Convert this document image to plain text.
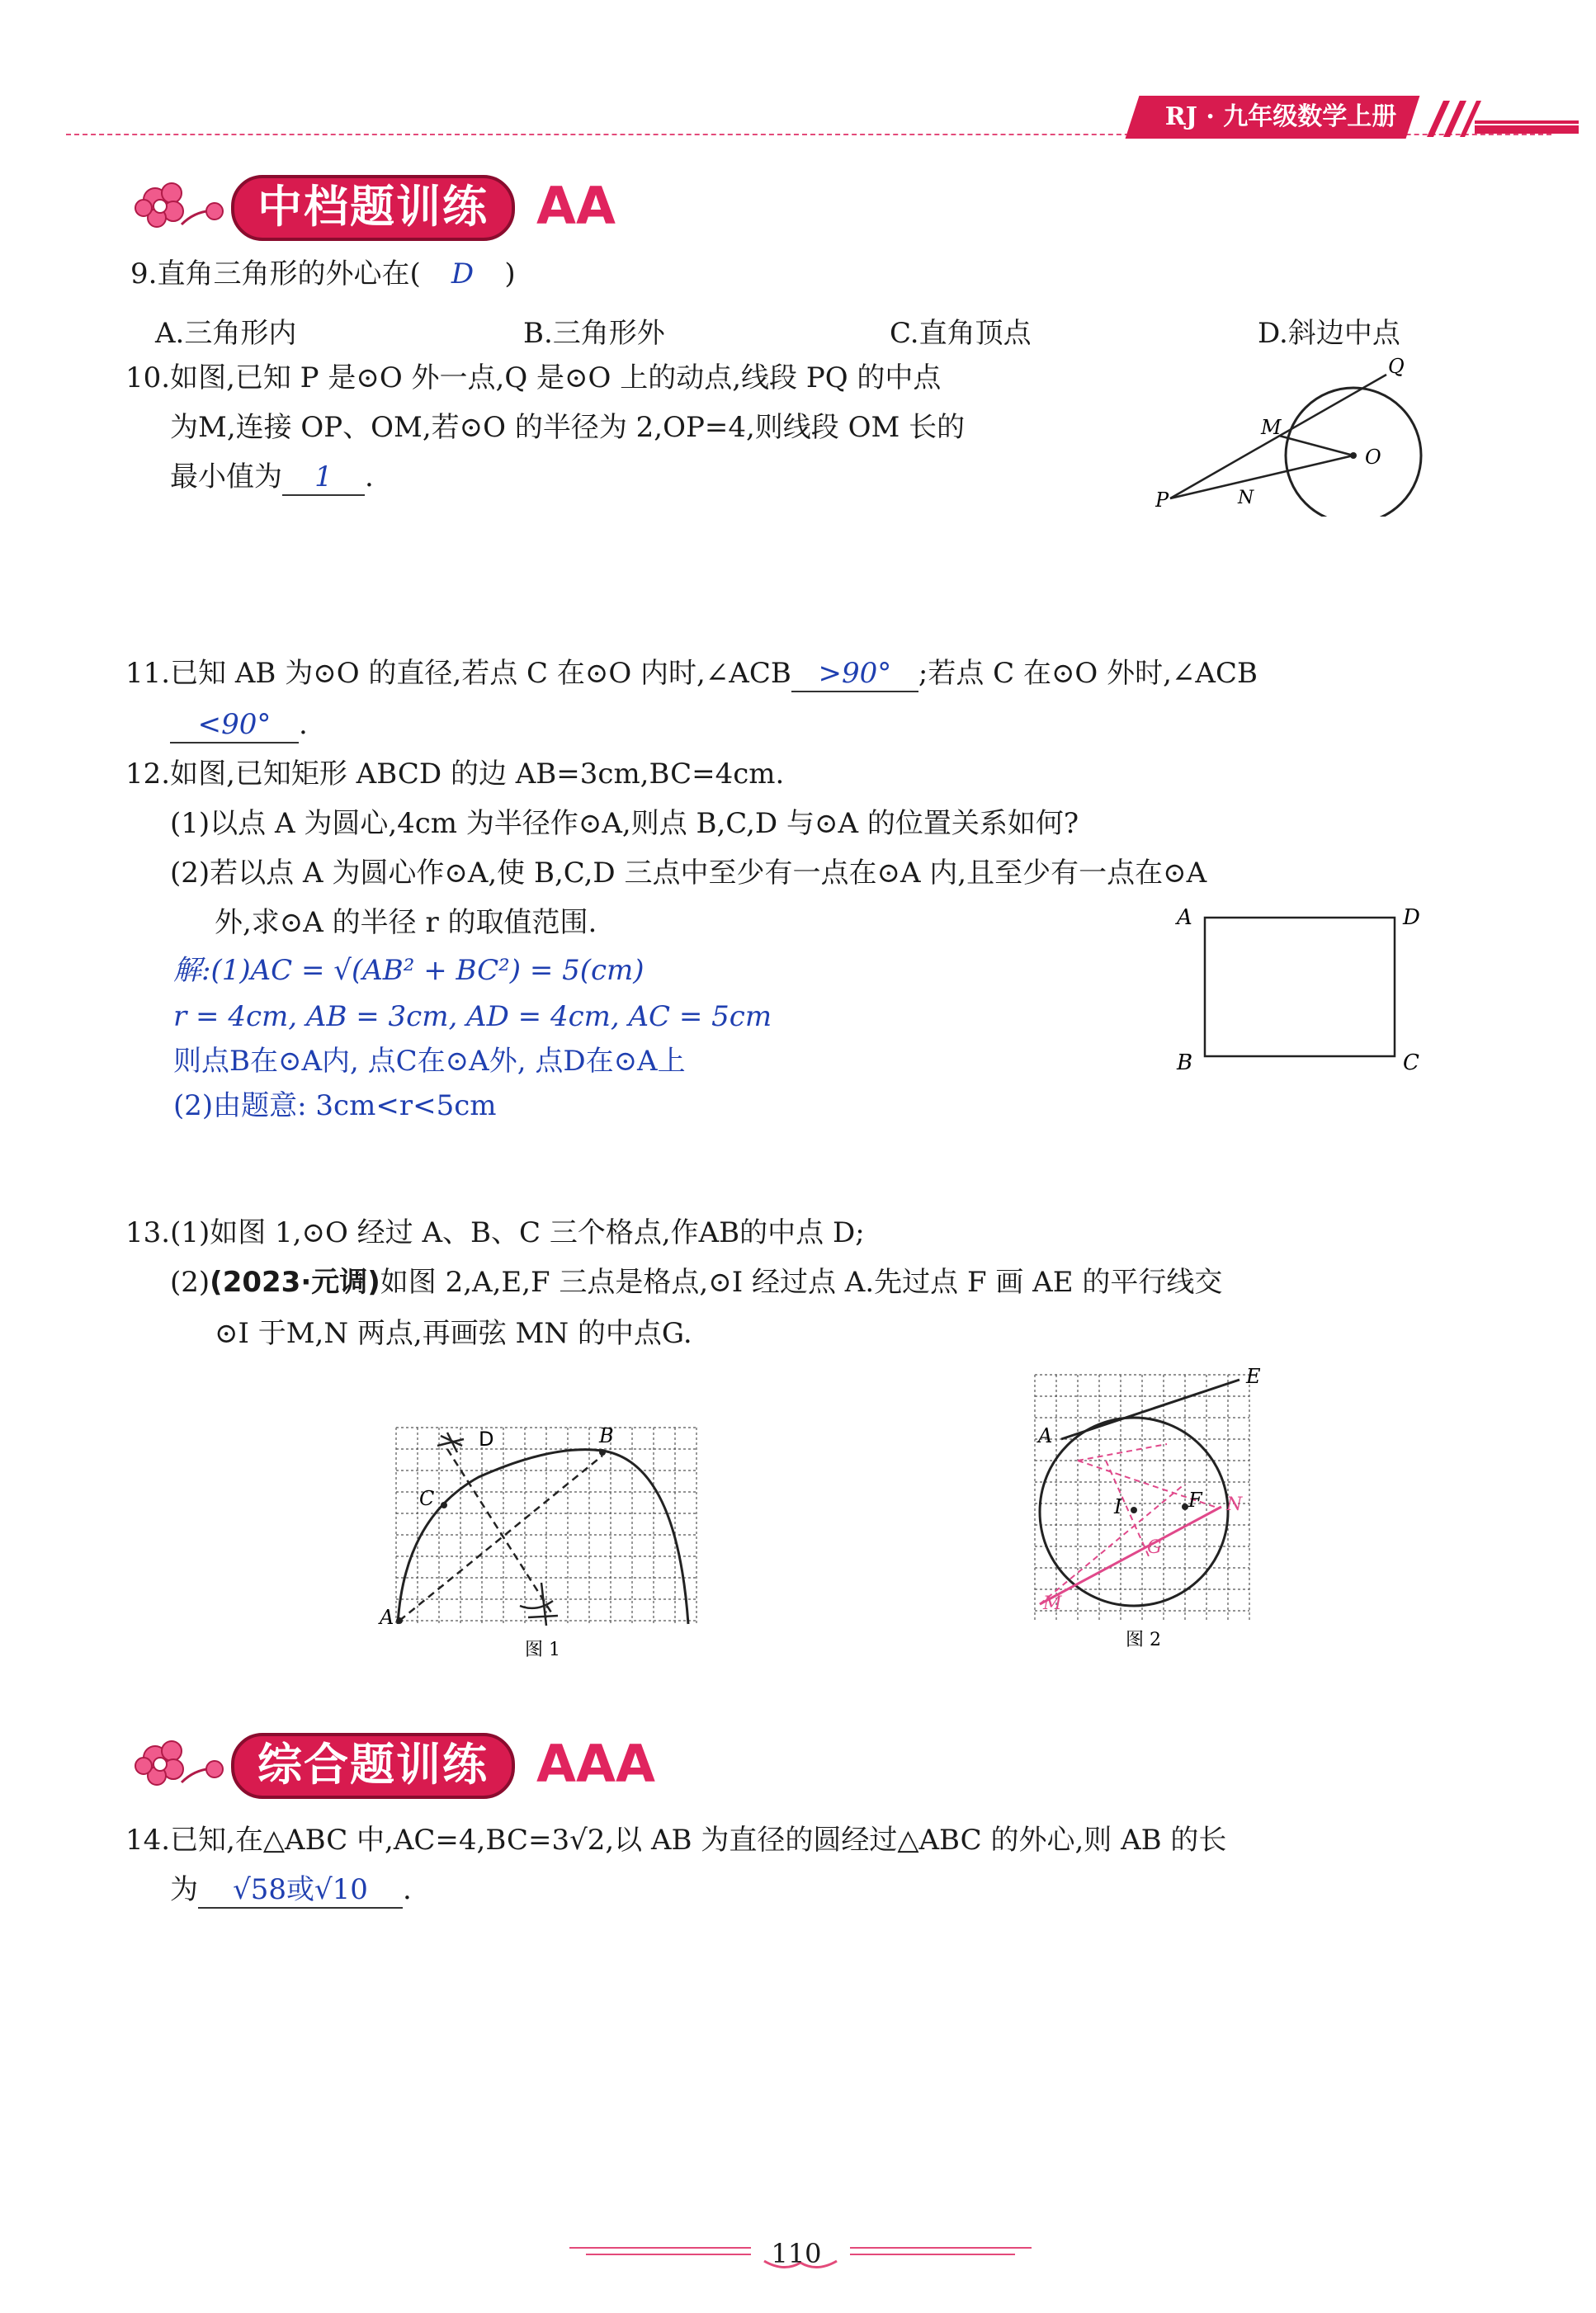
RJ · 九年级数学上册
中档题训练 AA
9.直角三角形的外心在( D )
A.三角形内	B.三角形外	C.直角顶点	D.斜边中点
10.如图,已知 P 是⊙O 外一点,Q 是⊙O 上的动点,线段 PQ 的中点
为M,连接 OP、OM,若⊙O 的半径为 2,OP=4,则线段 OM 长的
最小值为 1 .
Q
M
O
P	N
11.已知 AB 为⊙O 的直径,若点 C 在⊙O 内时,∠ACB >90° ;若点 C 在⊙O 外时,∠ACB
<90° .
12.如图,已知矩形 ABCD 的边 AB=3cm,BC=4cm.
(1)以点 A 为圆心,4cm 为半径作⊙A,则点 B,C,D 与⊙A 的位置关系如何?
(2)若以点 A 为圆心作⊙A,使 B,C,D 三点中至少有一点在⊙A 内,且至少有一点在⊙A
外,求⊙A 的半径 r 的取值范围.
解:(1)AC = √(AB² + BC²) = 5(cm)
r = 4cm, AB = 3cm, AD = 4cm, AC = 5cm
则点B在⊙A内, 点C在⊙A外, 点D在⊙A上
(2)由题意: 3cm<r<5cm
A	D
B	C
13.(1)如图 1,⊙O 经过 A、B、C 三个格点,作AB的中点 D;
(2)(2023·元调)如图 2,A,E,F 三点是格点,⊙I 经过点 A.先过点 F 画 AE 的平行线交
⊙I 于M,N 两点,再画弦 MN 的中点G.
D	B
C
A
图 1
E
A
I	F N
G
M
图 2
综合题训练 AAA
14.已知,在△ABC 中,AC=4,BC=3√2,以 AB 为直径的圆经过△ABC 的外心,则 AB 的长
为 √58或√10 .
110
